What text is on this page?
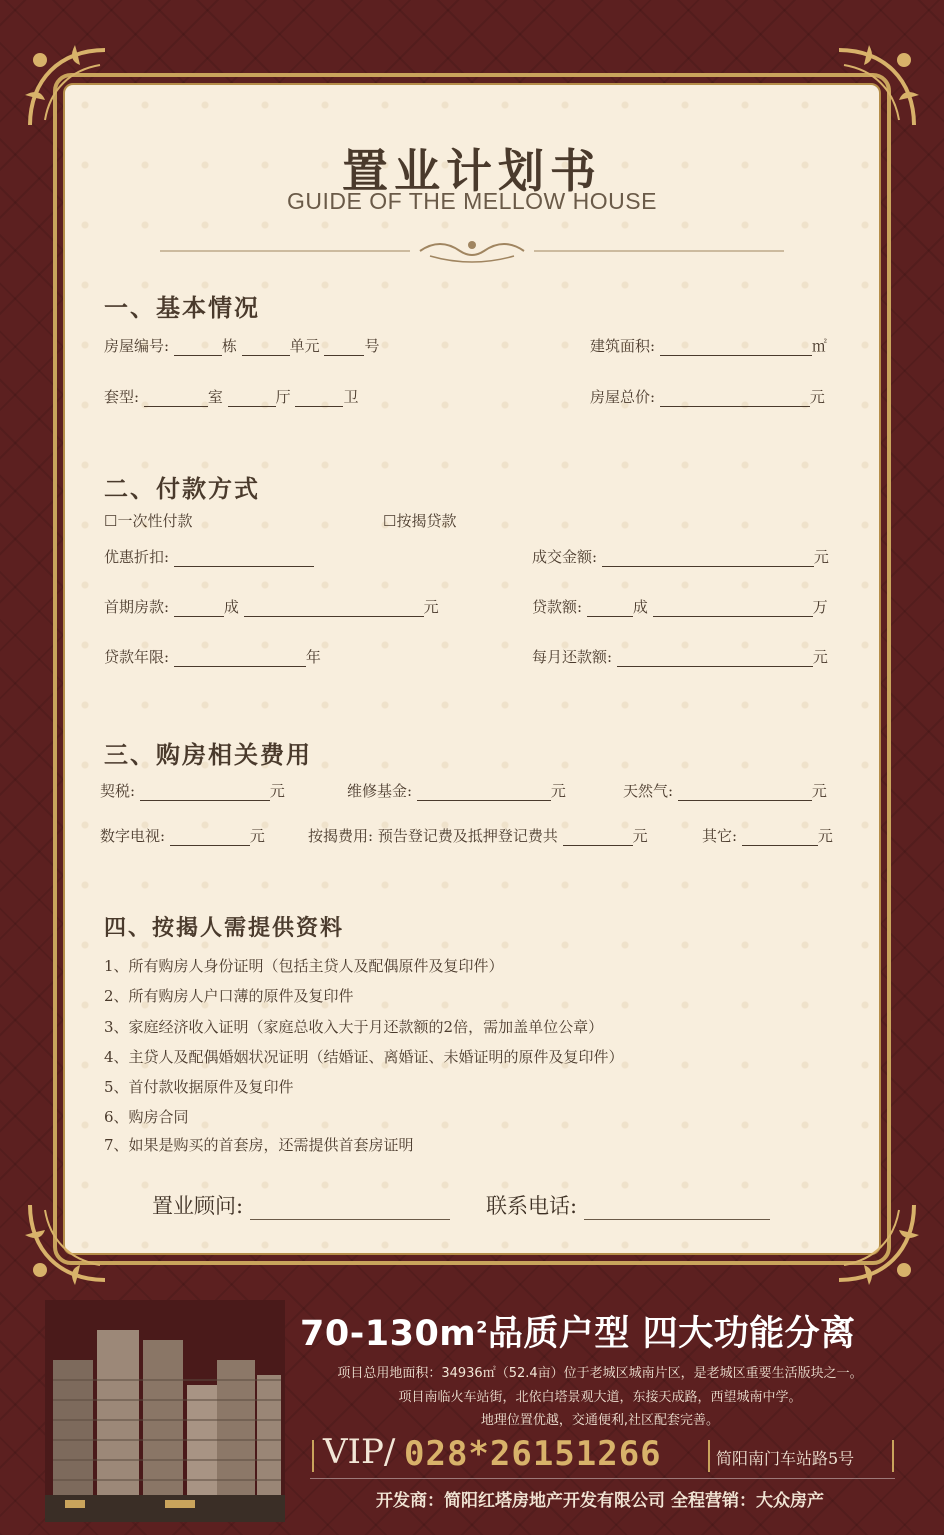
置业计划书
GUIDE OF THE MELLOW HOUSE
一、基本情况
房屋编号:	栋	单元	号	建筑面积:	㎡
套型:	室	厅	卫	房屋总价:	元
二、付款方式
☐一次性付款	☐按揭贷款
优惠折扣:	成交金额:	元
首期房款:	成	元	贷款额:	成	万
贷款年限:	年	每月还款额:	元
三、购房相关费用
契税:	元	维修基金:	元	天然气:	元
数字电视:	元	按揭费用: 预告登记费及抵押登记费共	元	其它:	元
四、按揭人需提供资料
1、所有购房人身份证明（包括主贷人及配偶原件及复印件）
2、所有购房人户口薄的原件及复印件
3、家庭经济收入证明（家庭总收入大于月还款额的2倍，需加盖单位公章）
4、主贷人及配偶婚姻状况证明（结婚证、离婚证、未婚证明的原件及复印件）
5、首付款收据原件及复印件
6、购房合同
7、如果是购买的首套房，还需提供首套房证明
置业顾问:	联系电话:
$70-130m^2$品质户型 四大功能分离
项目总用地面积：34936㎡（52.4亩）位于老城区城南片区，是老城区重要生活版块之一。
项目南临火车站街，北依白塔景观大道，东接天成路，西望城南中学。
地理位置优越，交通便利,社区配套完善。
VIP/ 028*26151266	简阳南门车站路5号
开发商：简阳红塔房地产开发有限公司 全程营销：大众房产
